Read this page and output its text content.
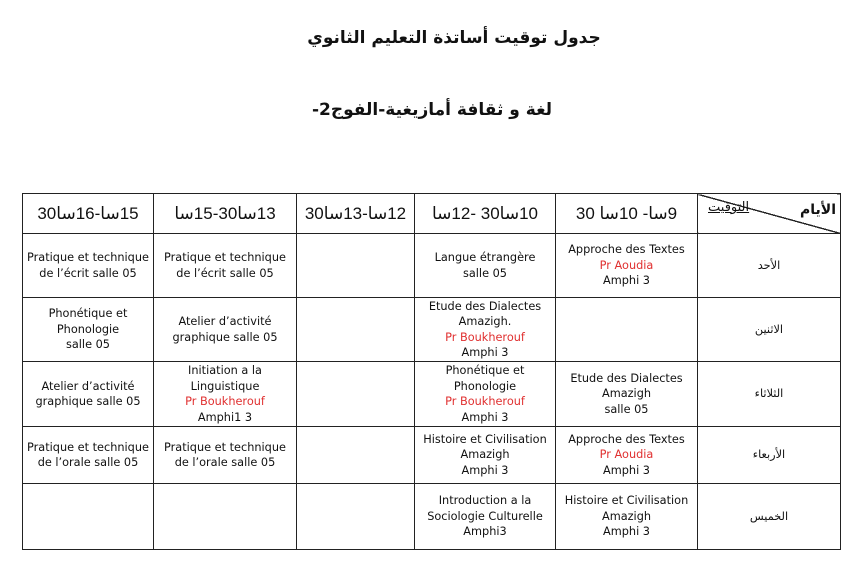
جدول توقيت أساتذة التعليم الثانوي
لغة و ثقافة أمازيغية-الفوج2-
15سا-16سا30	13سا30-15سا	12سا-13سا30	10سا30 -12سا	9سا- 10سا 30	الأيام
التوقيت

Pratique et technique
de l’écrit salle 05	Pratique et technique
de l’écrit salle 05		Langue étrangère
salle 05	Approche des Textes
Pr Aoudia
Amphi 3	الأحد

Phonétique et
Phonologie
salle 05	Atelier d’activité
graphique salle 05		Etude des Dialectes
Amazigh.
Pr Boukherouf
Amphi 3		الاثنين

Atelier d’activité
graphique salle 05	Initiation a la
Linguistique
Pr Boukherouf
Amphi1 3		Phonétique et
Phonologie
Pr Boukherouf
Amphi 3	Etude des Dialectes
Amazigh
salle 05	الثلاثاء

Pratique et technique
de l’orale salle 05	Pratique et technique
de l’orale salle 05		Histoire et Civilisation
Amazigh
Amphi 3	Approche des Textes
Pr Aoudia
Amphi 3	الأربعاء

			Introduction a la
Sociologie Culturelle
Amphi3	Histoire et Civilisation
Amazigh
Amphi 3	الخميس
